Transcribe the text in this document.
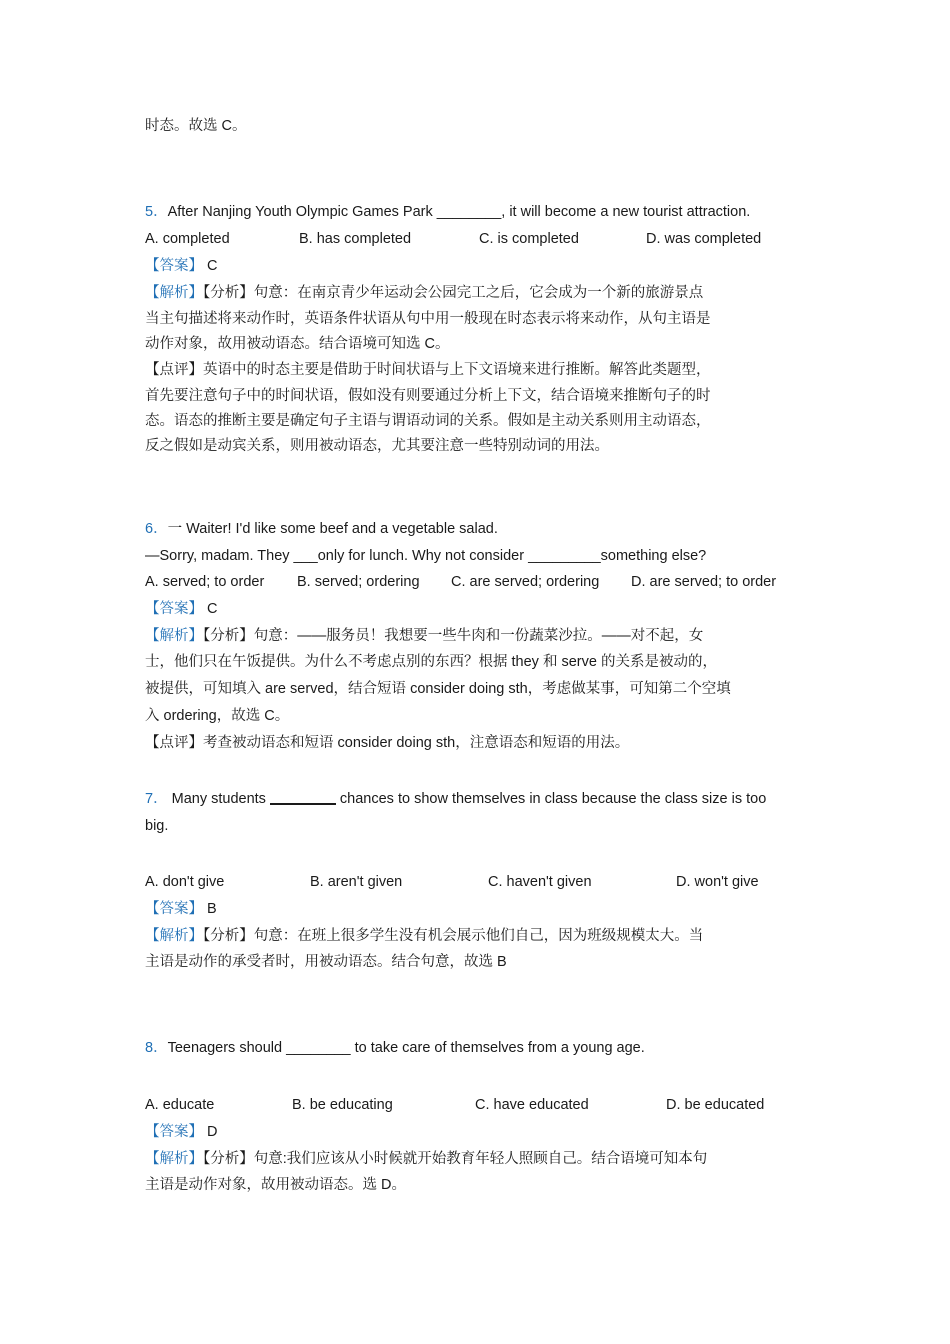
时态。故选 C。
5．After Nanjing Youth Olympic Games Park ________, it will become a new tourist attraction.
A. completed	B. has completed	C. is completed	D. was completed
【答案】 C
【解析】【分析】句意：在南京青少年运动会公园完工之后，它会成为一个新的旅游景点
当主句描述将来动作时，英语条件状语从句中用一般现在时态表示将来动作，从句主语是
动作对象，故用被动语态。结合语境可知选 C。
【点评】英语中的时态主要是借助于时间状语与上下文语境来进行推断。解答此类题型，
首先要注意句子中的时间状语，假如没有则要通过分析上下文，结合语境来推断句子的时
态。语态的推断主要是确定句子主语与谓语动词的关系。假如是主动关系则用主动语态，
反之假如是动宾关系，则用被动语态，尤其要注意一些特别动词的用法。
6．一 Waiter! I'd like some beef and a vegetable salad.
—Sorry, madam. They ___only for lunch. Why not consider _________something else?
A. served; to order B. served; ordering C. are served; ordering D. are served; to order
【答案】 C
【解析】【分析】句意：——服务员！我想要一些牛肉和一份蔬菜沙拉。——对不起，女
士，他们只在午饭提供。为什么不考虑点别的东西？根据 they 和 serve 的关系是被动的，
被提供，可知填入 are served，结合短语 consider doing sth，考虑做某事，可知第二个空填
入 ordering，故选 C。
【点评】考查被动语态和短语 consider doing sth，注意语态和短语的用法。
7． Many students	chances to show themselves in class because the class size is too
big.
A. don't give	B. aren't given	C. haven't given	D. won't give
【答案】 B
【解析】【分析】句意：在班上很多学生没有机会展示他们自己，因为班级规模太大。当
主语是动作的承受者时，用被动语态。结合句意，故选 B
8．Teenagers should ________ to take care of themselves from a young age.
A. educate	B. be educating	C. have educated	D. be educated
【答案】 D
【解析】【分析】句意:我们应该从小时候就开始教育年轻人照顾自己。结合语境可知本句
主语是动作对象，故用被动语态。选 D。
